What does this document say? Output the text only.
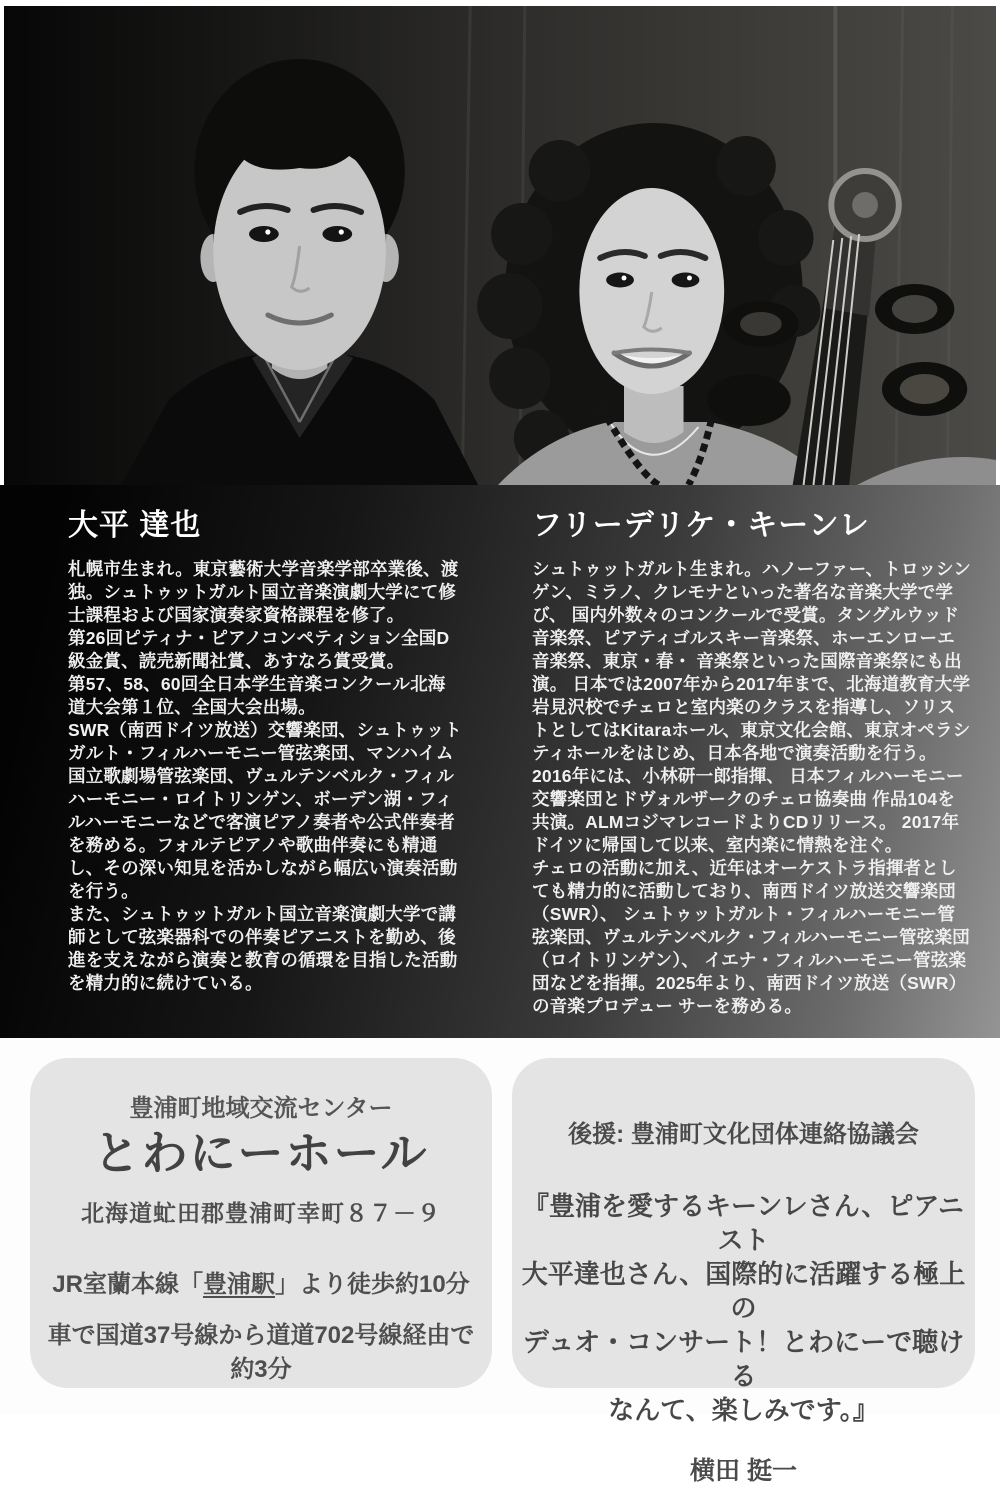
大平 達也

札幌市生まれ。東京藝術大学音楽学部卒業後、渡独。シュトゥットガルト国立音楽演劇大学にて修士課程および国家演奏家資格課程を修了。

第26回ピティナ・ピアノコンペティション全国D級金賞、読売新聞社賞、あすなろ賞受賞。

第57、58、60回全日本学生音楽コンクール北海道大会第１位、全国大会出場。

SWR（南西ドイツ放送）交響楽団、シュトゥットガルト・フィルハーモニー管弦楽団、マンハイム国立歌劇場管弦楽団、ヴュルテンベルク・フィルハーモニー・ロイトリンゲン、ボーデン湖・フィルハーモニーなどで客演ピアノ奏者や公式伴奏者を務める。フォルテピアノや歌曲伴奏にも精通し、その深い知見を活かしながら幅広い演奏活動を行う。

また、シュトゥットガルト国立音楽演劇大学で講師として弦楽器科での伴奏ピアニストを勤め、後進を支えながら演奏と教育の循環を目指した活動を精力的に続けている。

フリーデリケ・キーンレ

シュトゥットガルト生まれ。ハノーファー、トロッシンゲン、ミラノ、クレモナといった著名な音楽大学で学び、 国内外数々のコンクールで受賞。タングルウッド音楽祭、ピアティゴルスキー音楽祭、ホーエンローエ音楽祭、東京・春・ 音楽祭といった国際音楽祭にも出演。 日本では2007年から2017年まで、北海道教育大学岩見沢校でチェロと室内楽のクラスを指導し、ソリストとしてはKitaraホール、東京文化会館、東京オペラシティホールをはじめ、日本各地で演奏活動を行う。

2016年には、小林研一郎指揮、 日本フィルハーモニー交響楽団とドヴォルザークのチェロ協奏曲 作品104を共演。ALMコジマレコードよりCDリリース。 2017年ドイツに帰国して以来、室内楽に情熱を注ぐ。

チェロの活動に加え、近年はオーケストラ指揮者としても精力的に活動しており、南西ドイツ放送交響楽団（SWR）、 シュトゥットガルト・フィルハーモニー管弦楽団、ヴュルテンベルク・フィルハーモニー管弦楽団（ロイトリンゲン）、 イエナ・フィルハーモニー管弦楽団などを指揮。2025年より、南西ドイツ放送（SWR）の音楽プロデュー サーを務める。

豊浦町地域交流センター
とわにーホール
北海道虻田郡豊浦町幸町８７－９
JR室蘭本線「豊浦駅」より徒歩約10分
車で国道37号線から道道702号線経由で
約3分
後援: 豊浦町文化団体連絡協議会
『豊浦を愛するキーンレさん、ピアニスト
大平達也さん、国際的に活躍する極上の
デュオ・コンサート！とわにーで聴ける
なんて、楽しみです。』
横田 挺一
